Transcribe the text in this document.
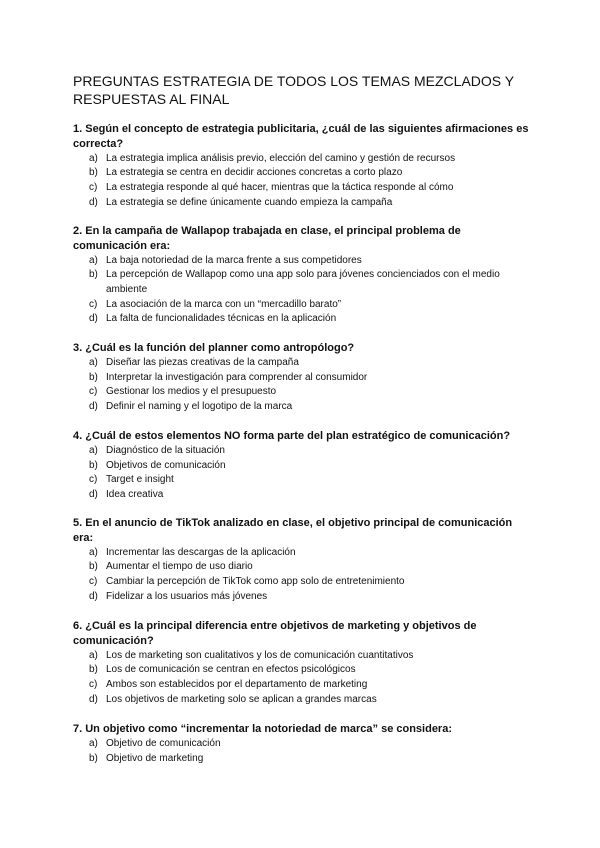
PREGUNTAS ESTRATEGIA DE TODOS LOS TEMAS MEZCLADOS Y
RESPUESTAS AL FINAL

1. Según el concepto de estrategia publicitaria, ¿cuál de las siguientes afirmaciones es correcta?

a) La estrategia implica análisis previo, elección del camino y gestión de recursos
b) La estrategia se centra en decidir acciones concretas a corto plazo
c) La estrategia responde al qué hacer, mientras que la táctica responde al cómo
d) La estrategia se define únicamente cuando empieza la campaña

2. En la campaña de Wallapop trabajada en clase, el principal problema de comunicación era:

a) La baja notoriedad de la marca frente a sus competidores
b) La percepción de Wallapop como una app solo para jóvenes concienciados con el medio ambiente
c) La asociación de la marca con un “mercadillo barato”
d) La falta de funcionalidades técnicas en la aplicación

3. ¿Cuál es la función del planner como antropólogo?

a) Diseñar las piezas creativas de la campaña
b) Interpretar la investigación para comprender al consumidor
c) Gestionar los medios y el presupuesto
d) Definir el naming y el logotipo de la marca

4. ¿Cuál de estos elementos NO forma parte del plan estratégico de comunicación?

a) Diagnóstico de la situación
b) Objetivos de comunicación
c) Target e insight
d) Idea creativa

5. En el anuncio de TikTok analizado en clase, el objetivo principal de comunicación era:

a) Incrementar las descargas de la aplicación
b) Aumentar el tiempo de uso diario
c) Cambiar la percepción de TikTok como app solo de entretenimiento
d) Fidelizar a los usuarios más jóvenes

6. ¿Cuál es la principal diferencia entre objetivos de marketing y objetivos de comunicación?

a) Los de marketing son cualitativos y los de comunicación cuantitativos
b) Los de comunicación se centran en efectos psicológicos
c) Ambos son establecidos por el departamento de marketing
d) Los objetivos de marketing solo se aplican a grandes marcas

7. Un objetivo como “incrementar la notoriedad de marca” se considera:

a) Objetivo de comunicación
b) Objetivo de marketing
